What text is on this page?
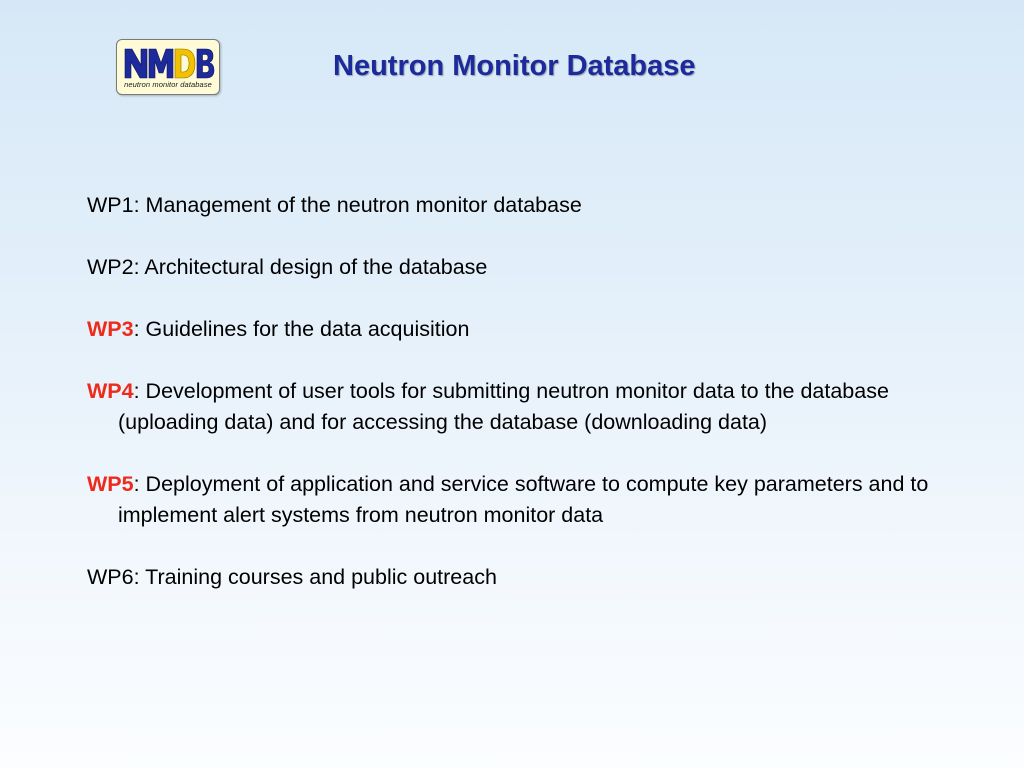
neutron monitor database
Neutron Monitor Database
WP1: Management of the neutron monitor database
WP2: Architectural design of the database
WP3: Guidelines for the data acquisition
WP4: Development of user tools for submitting neutron monitor data to the database (uploading data) and for accessing the database (downloading data)
WP5: Deployment of application and service software to compute key parameters and to implement alert systems from neutron monitor data
WP6: Training courses and public outreach
